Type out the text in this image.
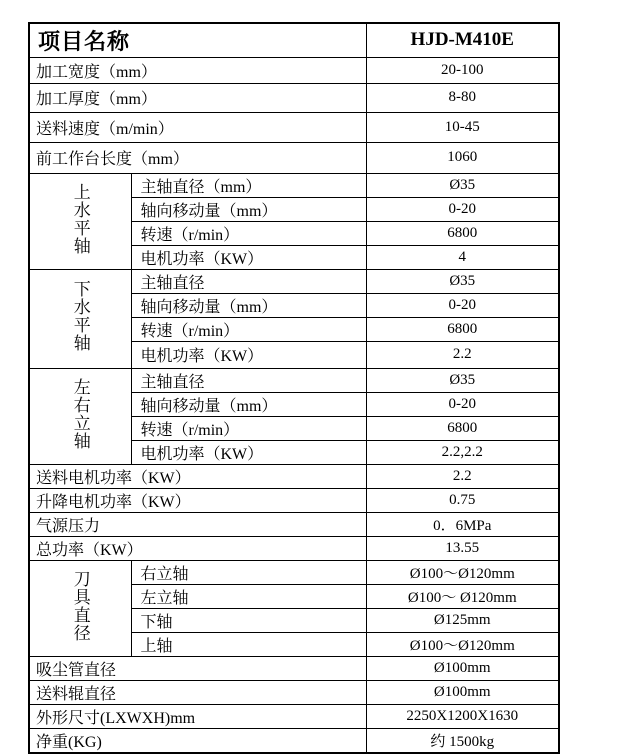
项目名称		HJD-M410E
加工宽度（mm）		20-100
加工厚度（mm）		8-80
送料速度（m/min）		10-45
前工作台长度（mm）		1060
上水平轴	主轴直径（mm）	Ø35
	轴向移动量（mm）	0-20
	转速（r/min）	6800
	电机功率（KW）	4
下水平轴	主轴直径	Ø35
	轴向移动量（mm）	0-20
	转速（r/min）	6800
	电机功率（KW）	2.2
左右立轴	主轴直径	Ø35
	轴向移动量（mm）	0-20
	转速（r/min）	6800
	电机功率（KW）	2.2,2.2
送料电机功率（KW）		2.2
升降电机功率（KW）		0.75
气源压力		0．6MPa
总功率（KW）		13.55
刀具直径	右立轴	Ø100～Ø120mm
	左立轴	Ø100～ Ø120mm
	下轴	Ø125mm
	上轴	Ø100～Ø120mm
吸尘管直径		Ø100mm
送料辊直径		Ø100mm
外形尺寸(LXWXH)mm		2250X1200X1630
净重(KG)		约 1500kg
